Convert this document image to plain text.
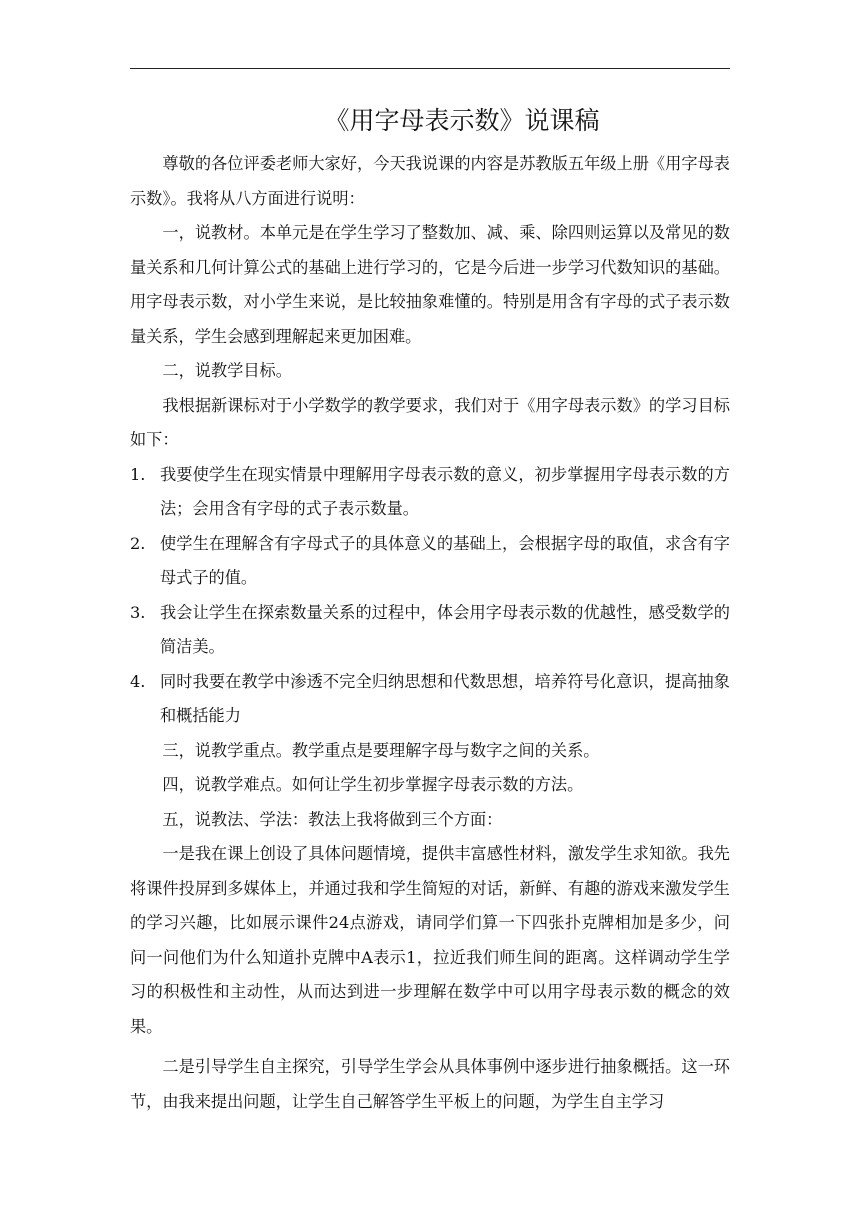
《用字母表示数》说课稿

尊敬的各位评委老师大家好，今天我说课的内容是苏教版五年级上册《用字母表示数》。我将从八方面进行说明：

一，说教材。本单元是在学生学习了整数加、减、乘、除四则运算以及常见的数量关系和几何计算公式的基础上进行学习的，它是今后进一步学习代数知识的基础。用字母表示数，对小学生来说，是比较抽象难懂的。特别是用含有字母的式子表示数量关系，学生会感到理解起来更加困难。

二，说教学目标。

我根据新课标对于小学数学的教学要求，我们对于《用字母表示数》的学习目标如下：

1. 我要使学生在现实情景中理解用字母表示数的意义，初步掌握用字母表示数的方法；会用含有字母的式子表示数量。
2. 使学生在理解含有字母式子的具体意义的基础上，会根据字母的取值，求含有字母式子的值。
3. 我会让学生在探索数量关系的过程中，体会用字母表示数的优越性，感受数学的简洁美。
4. 同时我要在教学中渗透不完全归纳思想和代数思想，培养符号化意识，提高抽象和概括能力

三，说教学重点。教学重点是要理解字母与数字之间的关系。

四，说教学难点。如何让学生初步掌握字母表示数的方法。

五，说教法、学法：教法上我将做到三个方面：

一是我在课上创设了具体问题情境，提供丰富感性材料，激发学生求知欲。我先将课件投屏到多媒体上，并通过我和学生简短的对话，新鲜、有趣的游戏来激发学生的学习兴趣，比如展示课件24点游戏，请同学们算一下四张扑克牌相加是多少，问问一问他们为什么知道扑克牌中A表示1，拉近我们师生间的距离。这样调动学生学习的积极性和主动性，从而达到进一步理解在数学中可以用字母表示数的概念的效果。

二是引导学生自主探究，引导学生学会从具体事例中逐步进行抽象概括。这一环节，由我来提出问题，让学生自己解答学生平板上的问题，为学生自主学习
